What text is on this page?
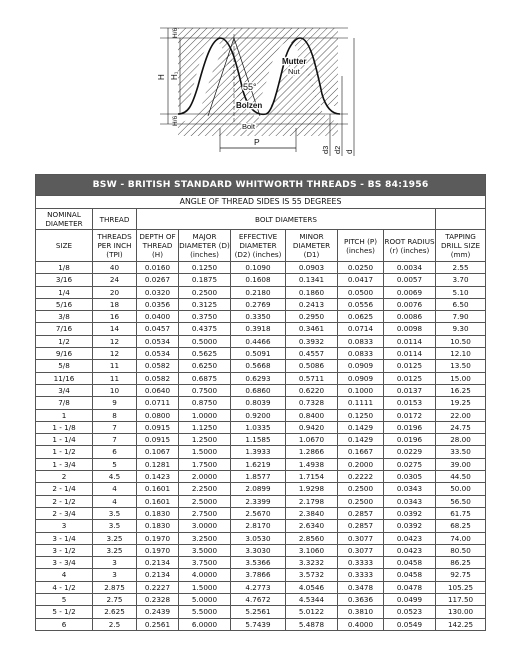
Mutter
Nut
55°
Bolzen
Bolt
P
H H₁
H/6
H/6
d3 d2 d
BSW - BRITISH STANDARD WHITWORTH THREADS - BS 84:1956								
ANGLE OF THREAD SIDES IS 55 DEGREES								
NOMINAL DIAMETER	THREAD	BOLT DIAMETERS						
SIZE	THREADS PER INCH (TPI)	DEPTH OF THREAD (H)	MAJOR DIAMETER (D) (inches)	EFFECTIVE DIAMETER (D2) (inches)	MINOR DIAMETER (D1)	PITCH (P) (inches)	ROOT RADIUS (r) (inches)	TAPPING DRILL SIZE (mm)
1/8	40	0.0160	0.1250	0.1090	0.0903	0.0250	0.0034	2.55
3/16	24	0.0267	0.1875	0.1608	0.1341	0.0417	0.0057	3.70
1/4	20	0.0320	0.2500	0.2180	0.1860	0.0500	0.0069	5.10
5/16	18	0.0356	0.3125	0.2769	0.2413	0.0556	0.0076	6.50
3/8	16	0.0400	0.3750	0.3350	0.2950	0.0625	0.0086	7.90
7/16	14	0.0457	0.4375	0.3918	0.3461	0.0714	0.0098	9.30
1/2	12	0.0534	0.5000	0.4466	0.3932	0.0833	0.0114	10.50
9/16	12	0.0534	0.5625	0.5091	0.4557	0.0833	0.0114	12.10
5/8	11	0.0582	0.6250	0.5668	0.5086	0.0909	0.0125	13.50
11/16	11	0.0582	0.6875	0.6293	0.5711	0.0909	0.0125	15.00
3/4	10	0.0640	0.7500	0.6860	0.6220	0.1000	0.0137	16.25
7/8	9	0.0711	0.8750	0.8039	0.7328	0.1111	0.0153	19.25
1	8	0.0800	1.0000	0.9200	0.8400	0.1250	0.0172	22.00
1 - 1/8	7	0.0915	1.1250	1.0335	0.9420	0.1429	0.0196	24.75
1 - 1/4	7	0.0915	1.2500	1.1585	1.0670	0.1429	0.0196	28.00
1 - 1/2	6	0.1067	1.5000	1.3933	1.2866	0.1667	0.0229	33.50
1 - 3/4	5	0.1281	1.7500	1.6219	1.4938	0.2000	0.0275	39.00
2	4.5	0.1423	2.0000	1.8577	1.7154	0.2222	0.0305	44.50
2 - 1/4	4	0.1601	2.2500	2.0899	1.9298	0.2500	0.0343	50.00
2 - 1/2	4	0.1601	2.5000	2.3399	2.1798	0.2500	0.0343	56.50
2 - 3/4	3.5	0.1830	2.7500	2.5670	2.3840	0.2857	0.0392	61.75
3	3.5	0.1830	3.0000	2.8170	2.6340	0.2857	0.0392	68.25
3 - 1/4	3.25	0.1970	3.2500	3.0530	2.8560	0.3077	0.0423	74.00
3 - 1/2	3.25	0.1970	3.5000	3.3030	3.1060	0.3077	0.0423	80.50
3 - 3/4	3	0.2134	3.7500	3.5366	3.3232	0.3333	0.0458	86.25
4	3	0.2134	4.0000	3.7866	3.5732	0.3333	0.0458	92.75
4 - 1/2	2.875	0.2227	1.5000	4.2773	4.0546	0.3478	0.0478	105.25
5	2.75	0.2328	5.0000	4.7672	4.5344	0.3636	0.0499	117.50
5 - 1/2	2.625	0.2439	5.5000	5.2561	5.0122	0.3810	0.0523	130.00
6	2.5	0.2561	6.0000	5.7439	5.4878	0.4000	0.0549	142.25
